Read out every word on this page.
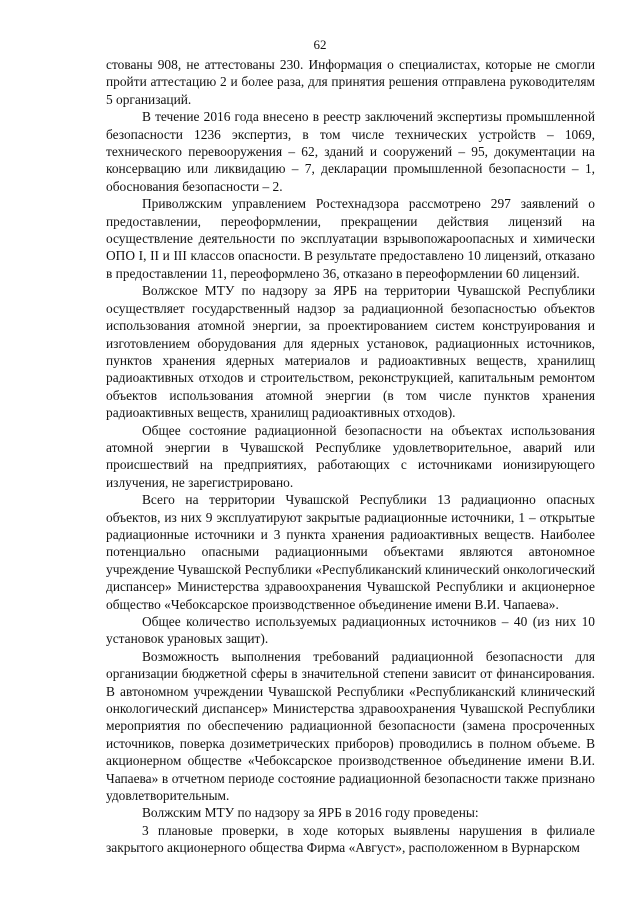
62

стованы 908, не аттестованы 230. Информация о специалистах, которые не смогли пройти аттестацию 2 и более раза, для принятия решения отправлена руководителям 5 организаций.

В течение 2016 года внесено в реестр заключений экспертизы промышленной безопасности 1236 экспертиз, в том числе технических устройств – 1069, технического перевооружения – 62, зданий и сооружений – 95, документации на консервацию или ликвидацию – 7, декларации промышленной безопасности – 1, обоснования безопасности – 2.

Приволжским управлением Ростехнадзора рассмотрено 297 заявлений о предоставлении, переоформлении, прекращении действия лицензий на осуществление деятельности по эксплуатации взрывопожароопасных и химически ОПО I, II и III классов опасности. В результате предоставлено 10 лицензий, отказано в предоставлении 11, переоформлено 36, отказано в переоформлении 60 лицензий.

Волжское МТУ по надзору за ЯРБ на территории Чувашской Республики осуществляет государственный надзор за радиационной безопасностью объектов использования атомной энергии, за проектированием систем конструирования и изготовлением оборудования для ядерных установок, радиационных источников, пунктов хранения ядерных материалов и радиоактивных веществ, хранилищ радиоактивных отходов и строительством, реконструкцией, капитальным ремонтом объектов использования атомной энергии (в том числе пунктов хранения радиоактивных веществ, хранилищ радиоактивных отходов).

Общее состояние радиационной безопасности на объектах использования атомной энергии в Чувашской Республике удовлетворительное, аварий или происшествий на предприятиях, работающих с источниками ионизирующего излучения, не зарегистрировано.

Всего на территории Чувашской Республики 13 радиационно опасных объектов, из них 9 эксплуатируют закрытые радиационные источники, 1 – открытые радиационные источники и 3 пункта хранения радиоактивных веществ. Наиболее потенциально опасными радиационными объектами являются автономное учреждение Чувашской Республики «Республиканский клинический онкологический диспансер» Министерства здравоохранения Чувашской Республики и акционерное общество «Чебоксарское производственное объединение имени В.И. Чапаева».

Общее количество используемых радиационных источников – 40 (из них 10 установок урановых защит).

Возможность выполнения требований радиационной безопасности для организации бюджетной сферы в значительной степени зависит от финансирования. В автономном учреждении Чувашской Республики «Республиканский клинический онкологический диспансер» Министерства здравоохранения Чувашской Республики мероприятия по обеспечению радиационной безопасности (замена просроченных источников, поверка дозиметрических приборов) проводились в полном объеме. В акционерном обществе «Чебоксарское производственное объединение имени В.И. Чапаева» в отчетном периоде состояние радиационной безопасности также признано удовлетворительным.

Волжским МТУ по надзору за ЯРБ в 2016 году проведены:

3 плановые проверки, в ходе которых выявлены нарушения в филиале закрытого акционерного общества Фирма «Август», расположенном в Вурнарском
